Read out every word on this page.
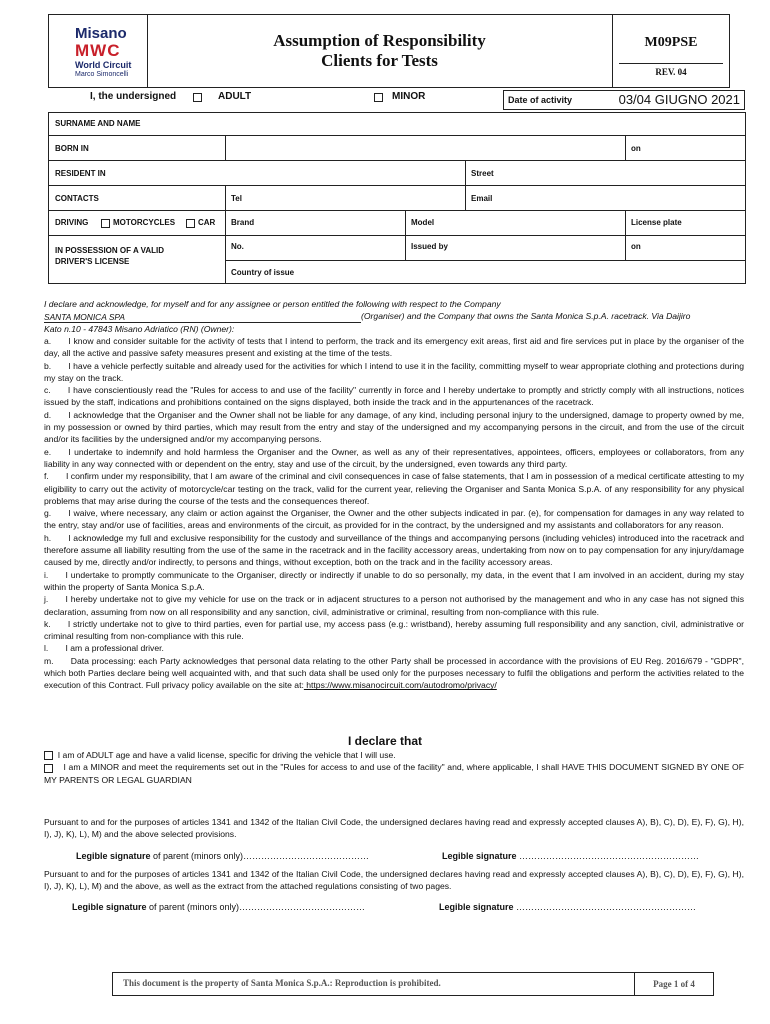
Misano
MWC
World Circuit
Marco Simoncelli
Assumption of Responsibility
Clients for Tests
M09PSE
REV. 04
I, the undersigned	ADULT	MINOR	Date of activity	03/04 GIUGNO 2021
SURNAME AND NAME
BORN IN	on
RESIDENT IN	Street
CONTACTS	Tel	Email
DRIVING	MOTORCYCLES	CAR Brand	Model	License plate
IN POSSESSION OF A VALID
DRIVER'S LICENSE
No.	Issued by	on
Country of issue

I declare and acknowledge, for myself and for any assignee or person entitled the following with respect to the Company

SANTA MONICA SPA	(Organiser) and the Company that owns the Santa Monica S.p.A. racetrack. Via Daijiro

Kato n.10 - 47843 Misano Adriatico (RN) (Owner):

a.  I know and consider suitable for the activity of tests that I intend to perform, the track and its emergency exit areas, first aid and fire services put in place by the organiser of the day, all the active and passive safety measures present and existing at the time of the tests.

b.  I have a vehicle perfectly suitable and already used for the activities for which I intend to use it in the facility, committing myself to wear appropriate clothing and protections during my stay on the track.

c.  I have conscientiously read the "Rules for access to and use of the facility" currently in force and I hereby undertake to promptly and strictly comply with all instructions, notices issued by the staff, indications and prohibitions contained on the signs displayed, both inside the track and in the appurtenances of the racetrack.

d.  I acknowledge that the Organiser and the Owner shall not be liable for any damage, of any kind, including personal injury to the undersigned, damage to property owned by me, in my possession or owned by third parties, which may result from the entry and stay of the undersigned and my accompanying persons in the circuit, and from the use of the circuit and/or its facilities by the undersigned and/or my accompanying persons.

e.  I undertake to indemnify and hold harmless the Organiser and the Owner, as well as any of their representatives, appointees, officers, employees or collaborators, from any liability in any way connected with or dependent on the entry, stay and use of the circuit, by the undersigned, even towards any third party.

f.  I confirm under my responsibility, that I am aware of the criminal and civil consequences in case of false statements, that I am in possession of a medical certificate attesting to my eligibility to carry out the activity of motorcycle/car testing on the track, valid for the current year, relieving the Organiser and Santa Monica S.p.A. of any responsibility for any physical problems that may arise during the course of the tests and the consequences thereof.

g.  I waive, where necessary, any claim or action against the Organiser, the Owner and the other subjects indicated in par. (e), for compensation for damages in any way related to the entry, stay and/or use of facilities, areas and environments of the circuit, as provided for in the contract, by the undersigned and my assistants and collaborators for any reason.

h.  I acknowledge my full and exclusive responsibility for the custody and surveillance of the things and accompanying persons (including vehicles) introduced into the racetrack and therefore assume all liability resulting from the use of the same in the racetrack and in the facility accessory areas, undertaking from now on to pay compensation for any injury/damage caused by me, directly and/or indirectly, to persons and things, without exception, both on the track and in the facility accessory areas.

i.  I undertake to promptly communicate to the Organiser, directly or indirectly if unable to do so personally, my data, in the event that I am involved in an accident, during my stay within the property of Santa Monica S.p.A.

j.  I hereby undertake not to give my vehicle for use on the track or in adjacent structures to a person not authorised by the management and who in any case has not signed this declaration, assuming from now on all responsibility and any sanction, civil, administrative or criminal, resulting from non-compliance with this rule.

k.  I strictly undertake not to give to third parties, even for partial use, my access pass (e.g.: wristband), hereby assuming full responsibility and any sanction, civil, administrative or criminal resulting from non-compliance with this rule.

l.  I am a professional driver.

m.  Data processing: each Party acknowledges that personal data relating to the other Party shall be processed in accordance with the provisions of EU Reg. 2016/679 - "GDPR", which both Parties declare being well acquainted with, and that such data shall be used only for the purposes necessary to fulfil the obligations and perform the activities related to the execution of this Contract. Full privacy policy available on the site at: https://www.misanocircuit.com/autodromo/privacy/

I declare that

I am of ADULT age and have a valid license, specific for driving the vehicle that I will use.

I am a MINOR and meet the requirements set out in the "Rules for access to and use of the facility" and, where applicable, I shall HAVE THIS DOCUMENT SIGNED BY ONE OF MY PARENTS OR LEGAL GUARDIAN

Pursuant to and for the purposes of articles 1341 and 1342 of the Italian Civil Code, the undersigned declares having read and expressly accepted clauses A), B), C), D), E), F), G), H), I), J), K), L), M) and the above selected provisions.
Legible signature of parent (minors only)……………………………………	Legible signature ……………………………………………………
Pursuant to and for the purposes of articles 1341 and 1342 of the Italian Civil Code, the undersigned declares having read and expressly accepted clauses A), B), C), D), E), F), G), H), I), J), K), L), M) and the above, as well as the extract from the attached regulations consisting of two pages.
Legible signature of parent (minors only)……………………………………	Legible signature ……………………………………………………
This document is the property of Santa Monica S.p.A.: Reproduction is prohibited.	Page 1 of 4
